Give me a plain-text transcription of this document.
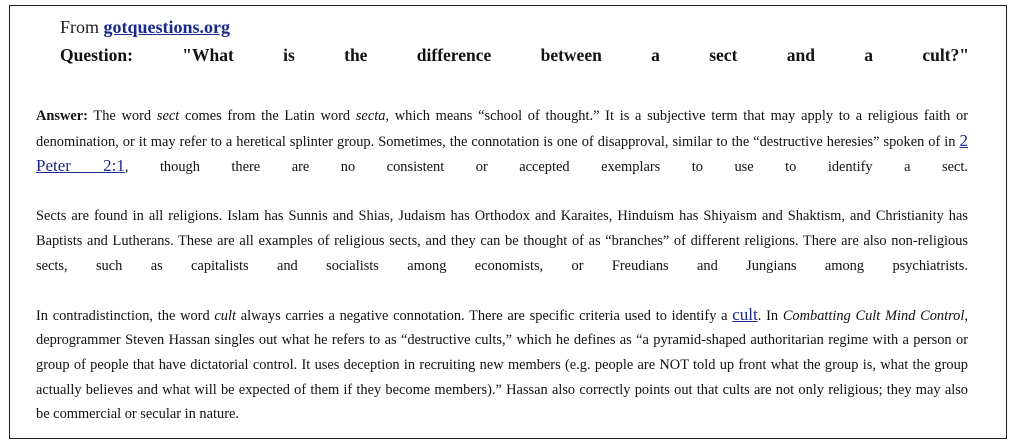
From gotquestions.org
Question:	"What is the difference between a sect and a cult?"

Answer: The word sect comes from the Latin word secta, which means “school of thought.” It is a subjective term that may apply to a religious faith or denomination, or it may refer to a heretical splinter group. Sometimes, the connotation is one of disapproval, similar to the “destructive heresies” spoken of in 2 Peter 2:1, though there are no consistent or accepted exemplars to use to identify a sect.

Sects are found in all religions. Islam has Sunnis and Shias, Judaism has Orthodox and Karaites, Hinduism has Shiyaism and Shaktism, and Christianity has Baptists and Lutherans. These are all examples of religious sects, and they can be thought of as “branches” of different religions. There are also non-religious sects, such as capitalists and socialists among economists, or Freudians and Jungians among psychiatrists.

In contradistinction, the word cult always carries a negative connotation. There are specific criteria used to identify a cult. In Combatting Cult Mind Control, deprogrammer Steven Hassan singles out what he refers to as “destructive cults,” which he defines as “a pyramid-shaped authoritarian regime with a person or group of people that have dictatorial control. It uses deception in recruiting new members (e.g. people are NOT told up front what the group is, what the group actually believes and what will be expected of them if they become members).” Hassan also correctly points out that cults are not only religious; they may also be commercial or secular in nature.
